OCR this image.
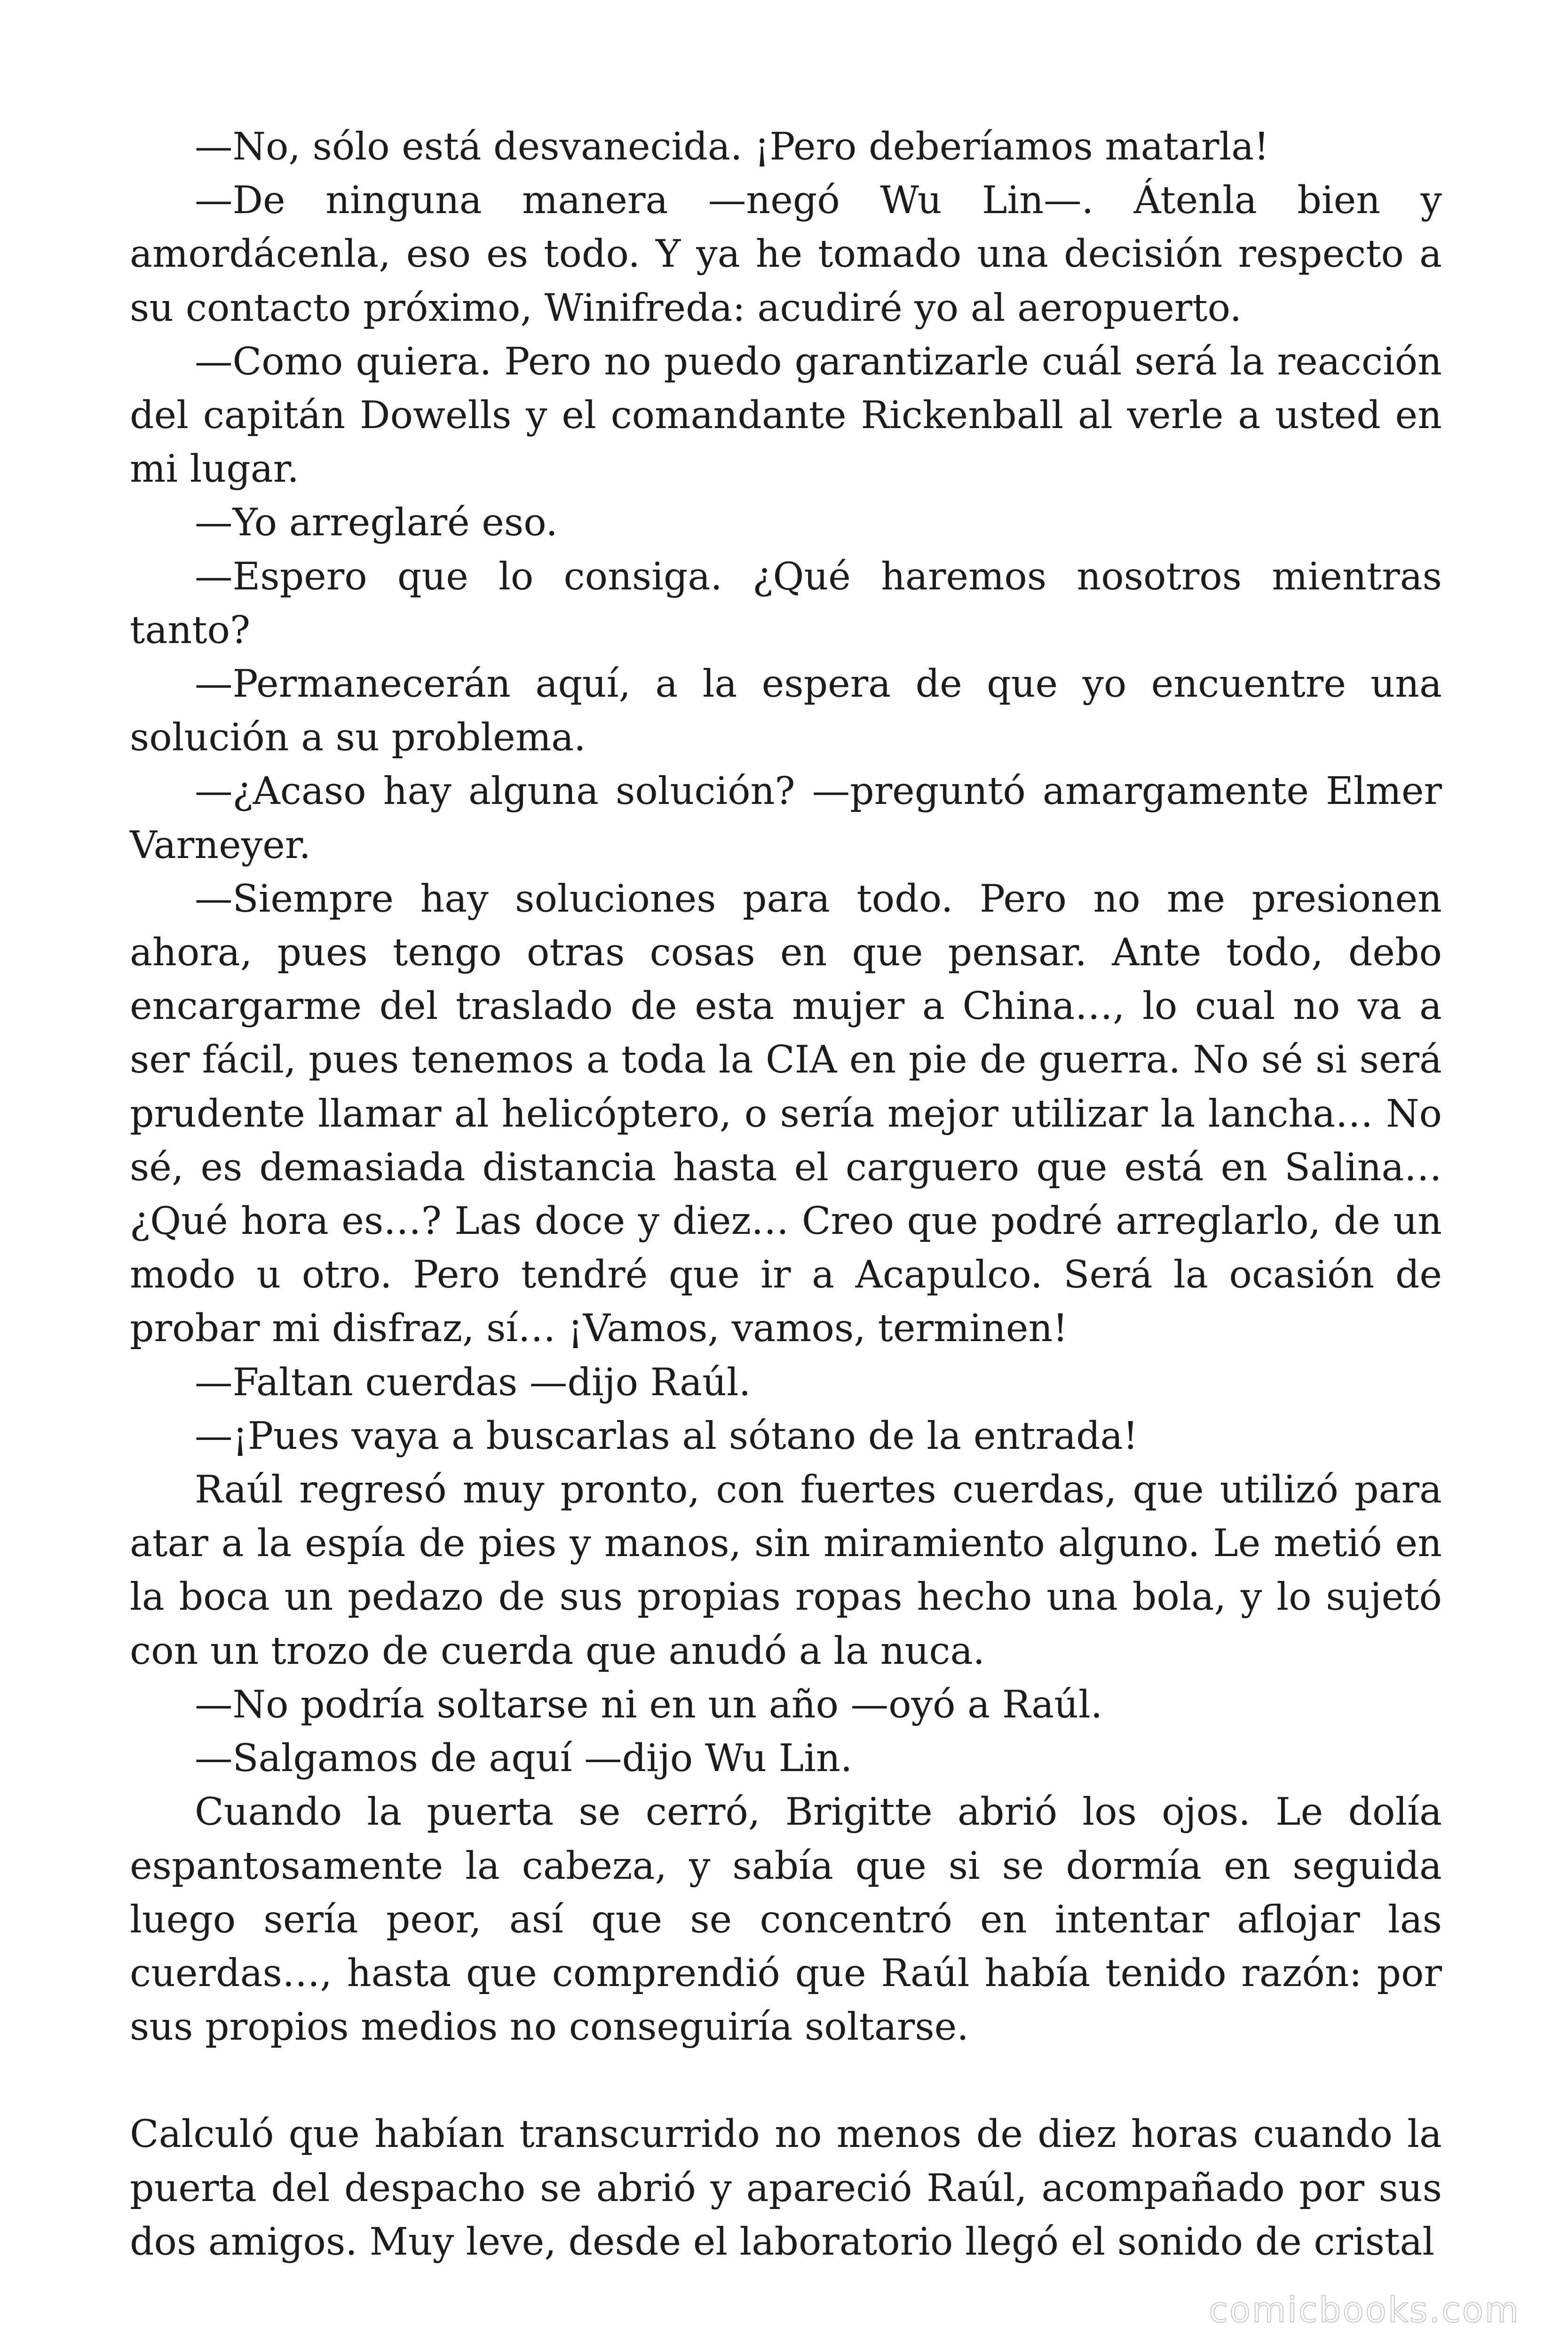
—No, sólo está desvanecida. ¡Pero deberíamos matarla!

—De ninguna manera —negó Wu Lin—. Átenla bien y amordácenla, eso es todo. Y ya he tomado una decisión respecto a su contacto próximo, Winifreda: acudiré yo al aeropuerto.

—Como quiera. Pero no puedo garantizarle cuál será la reacción del capitán Dowells y el comandante Rickenball al verle a usted en mi lugar.

—Yo arreglaré eso.

—Espero que lo consiga. ¿Qué haremos nosotros mientras tanto?

—Permanecerán aquí, a la espera de que yo encuentre una solución a su problema.

—¿Acaso hay alguna solución? —preguntó amargamente Elmer Varneyer.

—Siempre hay soluciones para todo. Pero no me presionen ahora, pues tengo otras cosas en que pensar. Ante todo, debo encargarme del traslado de esta mujer a China…, lo cual no va a ser fácil, pues tenemos a toda la CIA en pie de guerra. No sé si será prudente llamar al helicóptero, o sería mejor utilizar la lancha… No sé, es demasiada distancia hasta el carguero que está en Salina… ¿Qué hora es…? Las doce y diez… Creo que podré arreglarlo, de un modo u otro. Pero tendré que ir a Acapulco. Será la ocasión de probar mi disfraz, sí… ¡Vamos, vamos, terminen!

—Faltan cuerdas —dijo Raúl.

—¡Pues vaya a buscarlas al sótano de la entrada!

Raúl regresó muy pronto, con fuertes cuerdas, que utilizó para atar a la espía de pies y manos, sin miramiento alguno. Le metió en la boca un pedazo de sus propias ropas hecho una bola, y lo sujetó con un trozo de cuerda que anudó a la nuca.

—No podría soltarse ni en un año —oyó a Raúl.

—Salgamos de aquí —dijo Wu Lin.

Cuando la puerta se cerró, Brigitte abrió los ojos. Le dolía espantosamente la cabeza, y sabía que si se dormía en seguida luego sería peor, así que se concentró en intentar aflojar las cuerdas…, hasta que comprendió que Raúl había tenido razón: por sus propios medios no conseguiría soltarse.

Calculó que habían transcurrido no menos de diez horas cuando la puerta del despacho se abrió y apareció Raúl, acompañado por sus dos amigos. Muy leve, desde el laboratorio llegó el sonido de cristal

comicbooks.com
